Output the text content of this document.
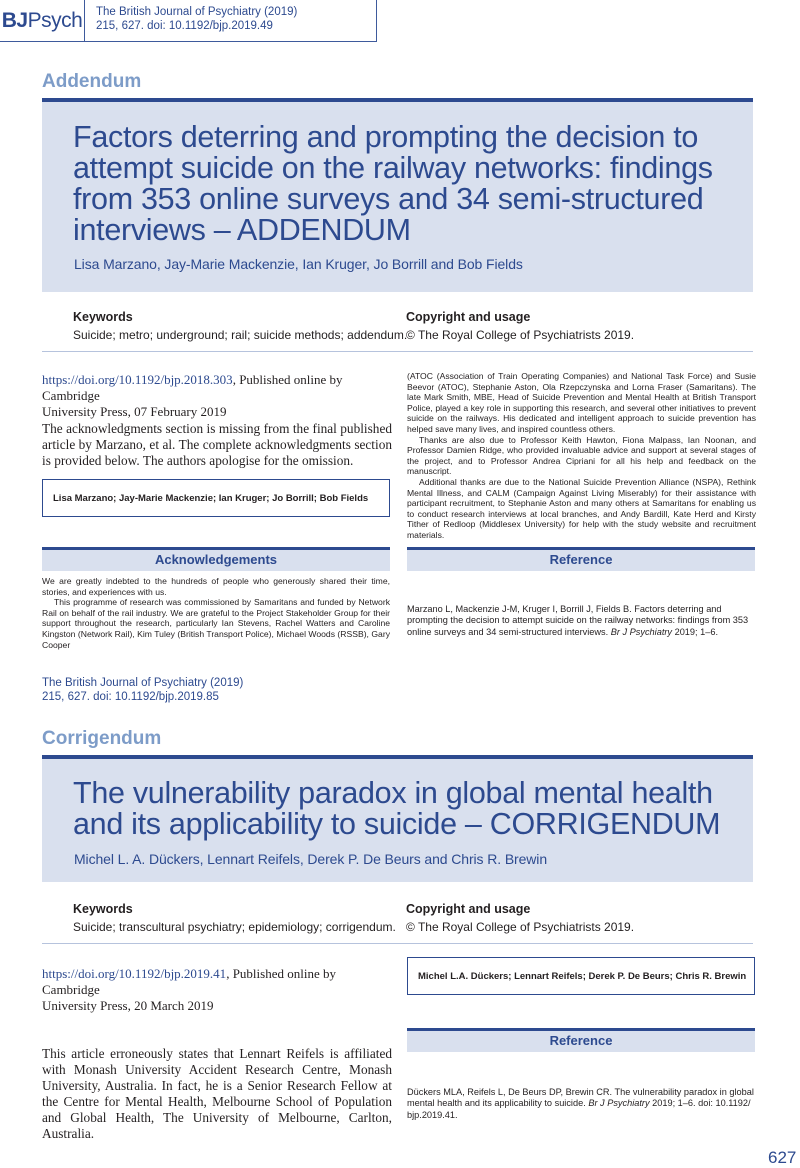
BJ Psych The British Journal of Psychiatry (2019)
215, 627. doi: 10.1192/bjp.2019.49
Addendum
Factors deterring and prompting the decision to
attempt suicide on the railway networks: findings
from 353 online surveys and 34 semi-structured
interviews – ADDENDUM
Lisa Marzano, Jay-Marie Mackenzie, Ian Kruger, Jo Borrill and Bob Fields
Keywords
Suicide; metro; underground; rail; suicide methods; addendum.
Copyright and usage
© The Royal College of Psychiatrists 2019.
https://doi.org/10.1192/bjp.2018.303, Published online by Cambridge
University Press, 07 February 2019
The acknowledgments section is missing from the final published article by Marzano, et al. The complete acknowledgments section is provided below. The authors apologise for the omission.
Lisa Marzano; Jay-Marie Mackenzie; Ian Kruger; Jo Borrill; Bob Fields

(ATOC (Association of Train Operating Companies) and National Task Force) and Susie Beevor (ATOC), Stephanie Aston, Ola Rzepczynska and Lorna Fraser (Samaritans). The late Mark Smith, MBE, Head of Suicide Prevention and Mental Health at British Transport Police, played a key role in supporting this research, and several other initiatives to prevent suicide on the railways. His dedicated and intelligent approach to suicide prevention has helped save many lives, and inspired countless others.

Thanks are also due to Professor Keith Hawton, Fiona Malpass, Ian Noonan, and Professor Damien Ridge, who provided invaluable advice and support at several stages of the project, and to Professor Andrea Cipriani for all his help and feedback on the manuscript.

Additional thanks are due to the National Suicide Prevention Alliance (NSPA), Rethink Mental Illness, and CALM (Campaign Against Living Miserably) for their assistance with participant recruitment, to Stephanie Aston and many others at Samaritans for enabling us to conduct research interviews at local branches, and Andy Bardill, Kate Herd and Kirsty Tither of Redloop (Middlesex University) for help with the study website and recruitment materials.

Acknowledgements

We are greatly indebted to the hundreds of people who generously shared their time, stories, and experiences with us.

This programme of research was commissioned by Samaritans and funded by Network Rail on behalf of the rail industry. We are grateful to the Project Stakeholder Group for their support throughout the research, particularly Ian Stevens, Rachel Watters and Caroline Kingston (Network Rail), Kim Tuley (British Transport Police), Michael Woods (RSSB), Gary Cooper

Reference
Marzano L, Mackenzie J-M, Kruger I, Borrill J, Fields B. Factors deterring and prompting the decision to attempt suicide on the railway networks: findings from 353 online surveys and 34 semi-structured interviews. Br J Psychiatry 2019; 1–6.
The British Journal of Psychiatry (2019)
215, 627. doi: 10.1192/bjp.2019.85
Corrigendum
The vulnerability paradox in global mental health
and its applicability to suicide – CORRIGENDUM
Michel L. A. Dückers, Lennart Reifels, Derek P. De Beurs and Chris R. Brewin
Keywords
Suicide; transcultural psychiatry; epidemiology; corrigendum.
Copyright and usage
© The Royal College of Psychiatrists 2019.
https://doi.org/10.1192/bjp.2019.41, Published online by Cambridge
University Press, 20 March 2019
This article erroneously states that Lennart Reifels is affiliated with Monash University Accident Research Centre, Monash University, Australia. In fact, he is a Senior Research Fellow at the Centre for Mental Health, Melbourne School of Population and Global Health, The University of Melbourne, Carlton, Australia.
Michel L.A. Dückers; Lennart Reifels; Derek P. De Beurs; Chris R. Brewin
Reference
Dückers MLA, Reifels L, De Beurs DP, Brewin CR. The vulnerability paradox in global mental health and its applicability to suicide. Br J Psychiatry 2019; 1–6. doi: 10.1192/ bjp.2019.41.
627
